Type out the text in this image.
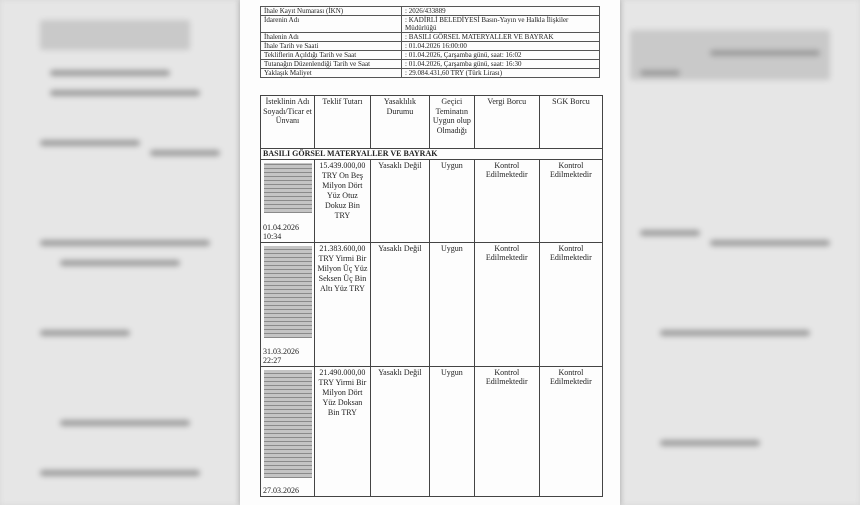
İhale Kayıt Numarası (İKN)	: 2026/433889
İdarenin Adı	: KADİRLİ BELEDİYESİ Basın-Yayın ve Halkla İlişkiler Müdürlüğü
İhalenin Adı	: BASILI GÖRSEL MATERYALLER VE BAYRAK
İhale Tarih ve Saati	: 01.04.2026 16:00:00
Tekliflerin Açıldığı Tarih ve Saat	: 01.04.2026, Çarşamba günü, saat: 16:02
Tutanağın Düzenlendiği Tarih ve Saat	: 01.04.2026, Çarşamba günü, saat: 16:30
Yaklaşık Maliyet	: 29.084.431,60 TRY (Türk Lirası)
İsteklinin Adı Soyadı/Ticar et Ünvanı	Teklif Tutarı	Yasaklılık Durumu	Geçici Teminatın Uygun olup Olmadığı	Vergi Borcu	SGK Borcu
BASILI GÖRSEL MATERYALLER VE BAYRAK					

01.04.2026 10:34	15.439.000,00 TRY On Beş Milyon Dört Yüz Otuz Dokuz Bin TRY	Yasaklı Değil	Uygun	Kontrol Edilmektedir	Kontrol Edilmektedir

31.03.2026 22:27	21.383.600,00 TRY Yirmi Bir Milyon Üç Yüz Seksen Üç Bin Altı Yüz TRY	Yasaklı Değil	Uygun	Kontrol Edilmektedir	Kontrol Edilmektedir

27.03.2026	21.490.000,00 TRY Yirmi Bir Milyon Dört Yüz Doksan Bin TRY	Yasaklı Değil	Uygun	Kontrol Edilmektedir	Kontrol Edilmektedir
